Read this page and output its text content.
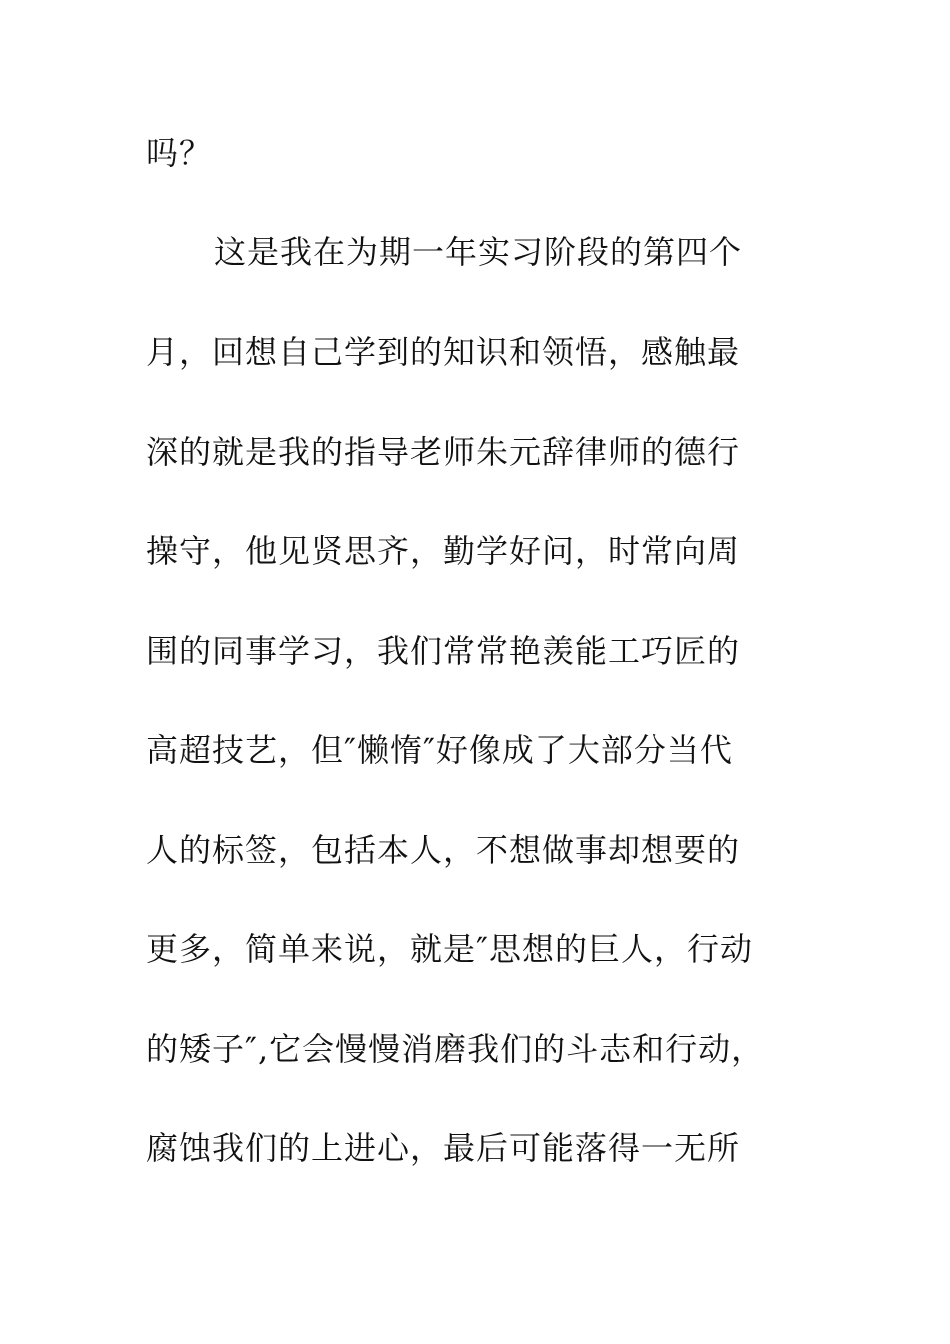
吗？

这是我在为期一年实习阶段的第四个

月，回想自己学到的知识和领悟，感触最

深的就是我的指导老师朱元辞律师的德行

操守，他见贤思齐，勤学好问，时常向周

围的同事学习，我们常常艳羡能工巧匠的

高超技艺，但″懒惰″好像成了大部分当代

人的标签，包括本人，不想做事却想要的

更多，简单来说，就是″思想的巨人，行动

的矮子″,它会慢慢消磨我们的斗志和行动，

腐蚀我们的上进心，最后可能落得一无所
